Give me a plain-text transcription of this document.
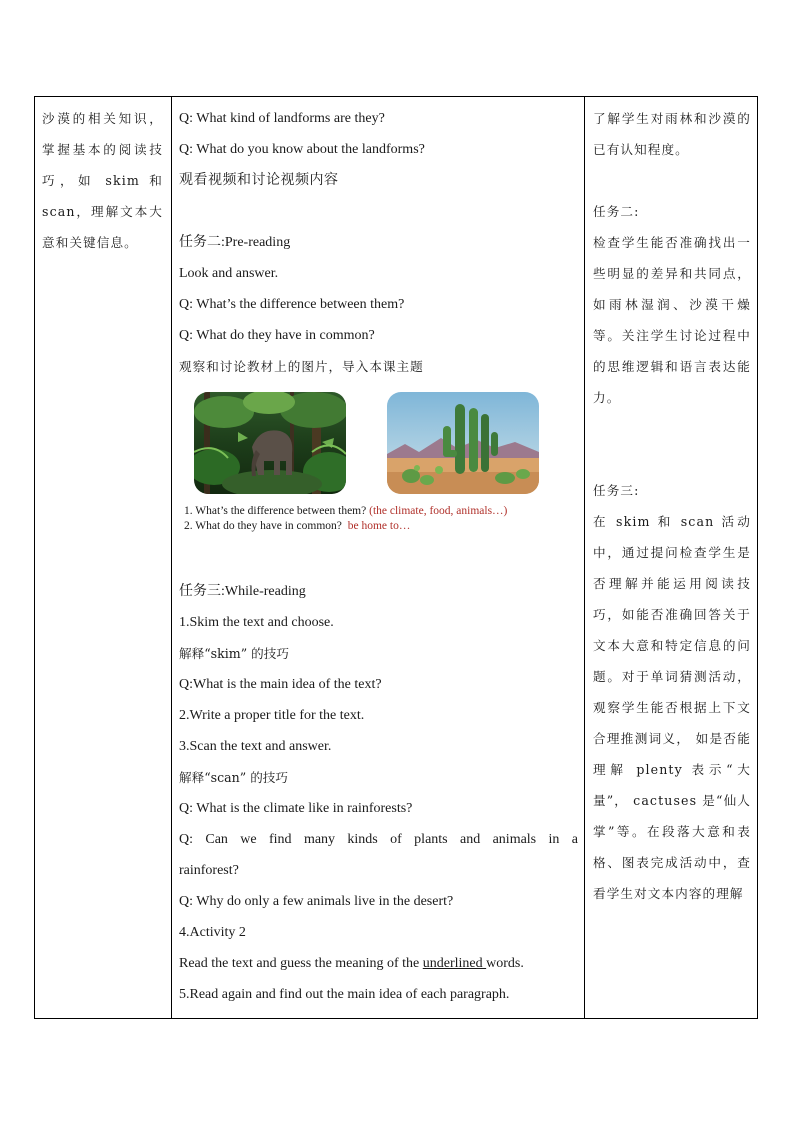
沙漠的相关知识，掌握基本的阅读技巧，如 skim 和 scan，理解文本大意和关键信息。

Q: What kind of landforms are they?

Q: What do you know about the landforms?

观看视频和讨论视频内容

任务二:Pre-reading

Look and answer.

Q: What’s the difference between them?

Q: What do they have in common?

观察和讨论教材上的图片，导入本课主题

1. What’s the difference between them? (the climate, food, animals…)
2. What do they have in common? be home to…

任务三:While-reading

1.Skim the text and choose.

解释“skim” 的技巧

Q:What is the main idea of the text?

2.Write a proper title for the text.

3.Scan the text and answer.

解释“scan” 的技巧

Q: What is the climate like in rainforests?

Q: Can we find many kinds of plants and animals in a

rainforest?

Q: Why do only a few animals live in the desert?

4.Activity 2

Read the text and guess the meaning of the underlined words.

5.Read again and find out the main idea of each paragraph.

了解学生对雨林和沙漠的已有认知程度。

任务二:

检查学生能否准确找出一些明显的差异和共同点，如雨林湿润、沙漠干燥等。关注学生讨论过程中的思维逻辑和语言表达能力。

任务三:

在 skim 和 scan 活动中，通过提问检查学生是否理解并能运用阅读技巧，如能否准确回答关于文本大意和特定信息的问题。对于单词猜测活动，观察学生能否根据上下文合理推测词义， 如是否能理解 plenty 表示“大量”， cactuses 是“仙人掌”等。在段落大意和表格、图表完成活动中，查看学生对文本内容的理解
